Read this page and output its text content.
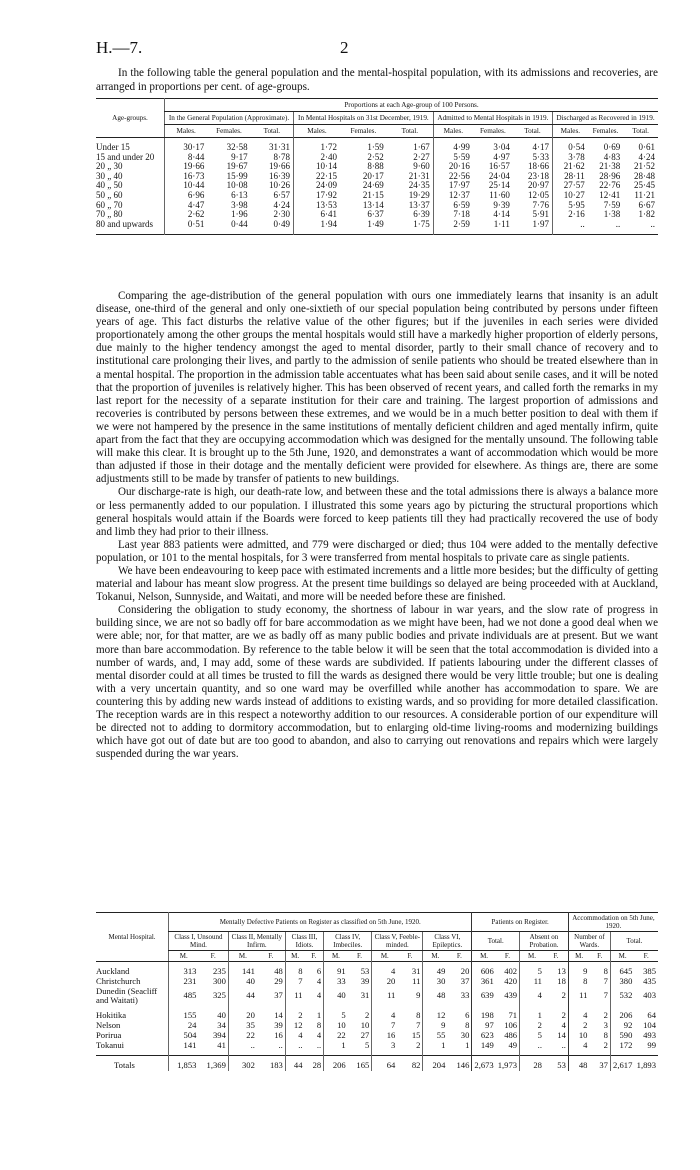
H.—7.	2

In the following table the general population and the mental-hospital population, with its admissions and recoveries, are arranged in proportions per cent. of age-groups.

Age-groups.	Proportions at each Age-group of 100 Persons.											
	In the General Population (Approximate).			In Mental Hospitals on 31st December, 1919.			Admitted to Mental Hospitals in 1919.			Discharged as Recovered in 1919.		
	Males.	Females.	Total.	Males.	Females.	Total.	Males.	Females.	Total.	Males.	Females.	Total.

Under 15	30·17	32·58	31·31	1·72	1·59	1·67	4·99	3·04	4·17	0·54	0·69	0·61
15 and under 20	8·44	9·17	8·78	2·40	2·52	2·27	5·59	4·97	5·33	3·78	4·83	4·24
20 „ 30	19·66	19·67	19·66	10·14	8·88	9·60	20·16	16·57	18·66	21·62	21·38	21·52
30 „ 40	16·73	15·99	16·39	22·15	20·17	21·31	22·56	24·04	23·18	28·11	28·96	28·48
40 „ 50	10·44	10·08	10·26	24·09	24·69	24·35	17·97	25·14	20·97	27·57	22·76	25·45
50 „ 60	6·96	6·13	6·57	17·92	21·15	19·29	12·37	11·60	12·05	10·27	12·41	11·21
60 „ 70	4·47	3·98	4·24	13·53	13·14	13·37	6·59	9·39	7·76	5·95	7·59	6·67
70 „ 80	2·62	1·96	2·30	6·41	6·37	6·39	7·18	4·14	5·91	2·16	1·38	1·82
80 and upwards	0·51	0·44	0·49	1·94	1·49	1·75	2·59	1·11	1·97	..	..	..

Comparing the age-distribution of the general population with ours one immediately learns that insanity is an adult disease, one-third of the general and only one-sixtieth of our special population being contributed by persons under fifteen years of age. This fact disturbs the relative value of the other figures; but if the juveniles in each series were divided proportionately among the other groups the mental hospitals would still have a markedly higher proportion of elderly persons, due mainly to the higher tendency amongst the aged to mental disorder, partly to their small chance of recovery and to institutional care prolonging their lives, and partly to the admission of senile patients who should be treated elsewhere than in a mental hospital. The proportion in the admission table accentuates what has been said about senile cases, and it will be noted that the proportion of juveniles is relatively higher. This has been observed of recent years, and called forth the remarks in my last report for the necessity of a separate institution for their care and training. The largest proportion of admissions and recoveries is contributed by persons between these extremes, and we would be in a much better position to deal with them if we were not hampered by the presence in the same institutions of mentally deficient children and aged mentally infirm, quite apart from the fact that they are occupying accommodation which was designed for the mentally unsound. The following table will make this clear. It is brought up to the 5th June, 1920, and demonstrates a want of accommodation which would be more than adjusted if those in their dotage and the mentally deficient were provided for elsewhere. As things are, there are some adjustments still to be made by transfer of patients to new buildings.

Our discharge-rate is high, our death-rate low, and between these and the total admissions there is always a balance more or less permanently added to our population. I illustrated this some years ago by picturing the structural proportions which general hospitals would attain if the Boards were forced to keep patients till they had practically recovered the use of body and limb they had prior to their illness.

Last year 883 patients were admitted, and 779 were discharged or died; thus 104 were added to the mentally defective population, or 101 to the mental hospitals, for 3 were transferred from mental hospitals to private care as single patients.

We have been endeavouring to keep pace with estimated increments and a little more besides; but the difficulty of getting material and labour has meant slow progress. At the present time buildings so delayed are being proceeded with at Auckland, Tokanui, Nelson, Sunnyside, and Waitati, and more will be needed before these are finished.

Considering the obligation to study economy, the shortness of labour in war years, and the slow rate of progress in building since, we are not so badly off for bare accommodation as we might have been, had we not done a good deal when we were able; nor, for that matter, are we as badly off as many public bodies and private individuals are at present. But we want more than bare accommodation. By reference to the table below it will be seen that the total accommodation is divided into a number of wards, and, I may add, some of these wards are subdivided. If patients labouring under the different classes of mental disorder could at all times be trusted to fill the wards as designed there would be very little trouble; but one is dealing with a very uncertain quantity, and so one ward may be overfilled while another has accommodation to spare. We are countering this by adding new wards instead of additions to existing wards, and so providing for more detailed classification. The reception wards are in this respect a noteworthy addition to our resources. A considerable portion of our expenditure will be directed not to adding to dormitory accommodation, but to enlarging old-time living-rooms and modernizing buildings which have got out of date but are too good to abandon, and also to carrying out renovations and repairs which were largely suspended during the war years.

Mental Hospital.	Mentally Defective Patients on Register as classified on 5th June, 1920.												Patients on Register.				Accommodation on 5th June, 1920.			
	Class I, Unsound Mind.		Class II, Mentally Infirm.		Class III, Idiots.		Class IV, Imbeciles.		Class V, Feeble-minded.		Class VI, Epileptics.		Total.		Absent on Probation.		Number of Wards.		Total.	
	M.	F.	M.	F.	M.	F.	M.	F.	M.	F.	M.	F.	M.	F.	M.	F.	M.	F.	M.	F.

Auckland	313	235	141	48	8	6	91	53	4	31	49	20	606	402	5	13	9	8	645	385
Christchurch	231	300	40	29	7	4	33	39	20	11	30	37	361	420	11	18	8	7	380	435
Dunedin (Seacliff and Waitati)	485	325	44	37	11	4	40	31	11	9	48	33	639	439	4	2	11	7	532	403

Hokitika	155	40	20	14	2	1	5	2	4	8	12	6	198	71	1	2	4	2	206	64
Nelson	24	34	35	39	12	8	10	10	7	7	9	8	97	106	2	4	2	3	92	104
Porirua	504	394	22	16	4	4	22	27	16	15	55	30	623	486	5	14	10	8	590	493
Tokanui	141	41	..	..	..	..	1	5	3	2	1	1	149	49	..	..	4	2	172	99

Totals	1,853	1,369	302	183	44	28	206	165	64	82	204	146	2,673	1,973	28	53	48	37	2,617	1,893
